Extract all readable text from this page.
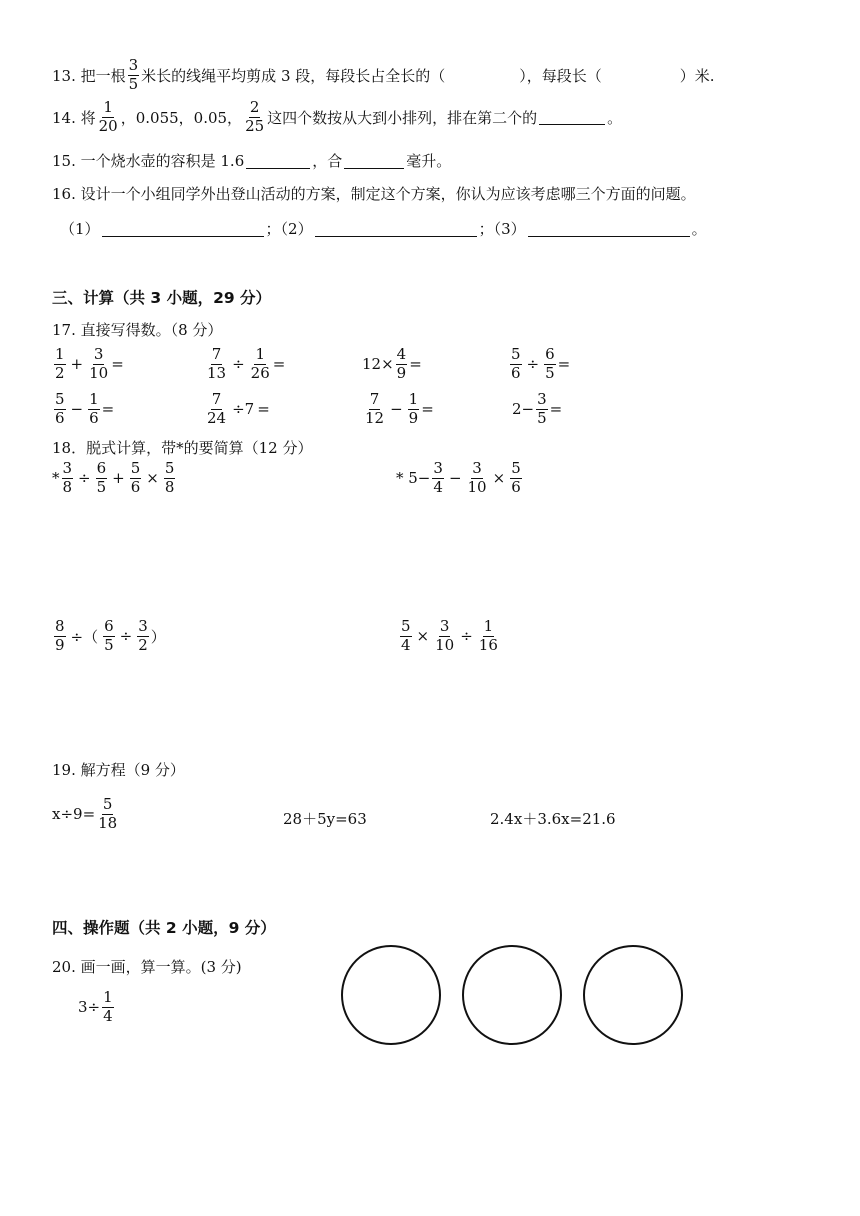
13. 把一根 $\frac{3}{5}$ 米长的线绳平均剪成 3 段，每段长占全长的（	），每段长（	）米.
14. 将 $\frac{1}{20}$ ，0.055，0.05， $\frac{2}{25}$ 这四个数按从大到小排列，排在第二个的	。
15. 一个烧水壶的容积是 1.6	，合	毫升。
16. 设计一个小组同学外出登山活动的方案，制定这个方案，你认为应该考虑哪三个方面的问题。
（1）	；（2）	；（3）	。
三、计算（共 3 小题，29 分）
17. 直接写得数。（8 分）
$\frac{1}{2} + \frac{3}{10}$ =	$\frac{7}{13} \div \frac{1}{26}$ =	$12\times \frac{4}{9}$ =	$\frac{5}{6} \div \frac{6}{5}$ =
$\frac{5}{6} - \frac{1}{6}$ =	$\frac{7}{24} \div 7$ =	$\frac{7}{12} - \frac{1}{9}$ =	$2- \frac{3}{5}$ =
18．脱式计算，带*的要简算（12 分）
* $\frac{3}{8} \div \frac{6}{5} + \frac{5}{6} \times \frac{5}{8}$	* $5- \frac{3}{4} - \frac{3}{10} \times \frac{5}{6}$
$\frac{8}{9}$ ÷（ $\frac{6}{5} \div \frac{3}{2}$ ）	$\frac{5}{4} \times \frac{3}{10} \div \frac{1}{16}$
19. 解方程（9 分）
$x\div 9= \frac{5}{18}$	28＋5y=63	2.4x＋3.6x=21.6
四、操作题（共 2 小题，9 分）
20. 画一画，算一算。(3 分)
$3\div \frac{1}{4}$
